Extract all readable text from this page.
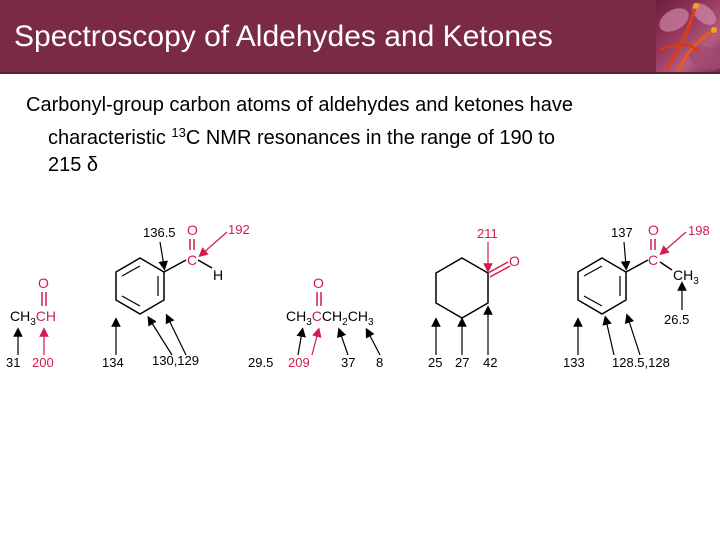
Spectroscopy of Aldehydes and Ketones
Carbonyl-group carbon atoms of aldehydes and ketones have
characteristic $^{13}$C NMR resonances in the range of 190 to
215 δ
O
$CH_3CH$
31 200
136.5 O
C
H
192
134 130,129
O
$CH_3CCH_2CH_3$
29.5 209 37 8
O
211
25 27 42
137 O
C
$CH_3$
198
26.5
133 128.5,128
